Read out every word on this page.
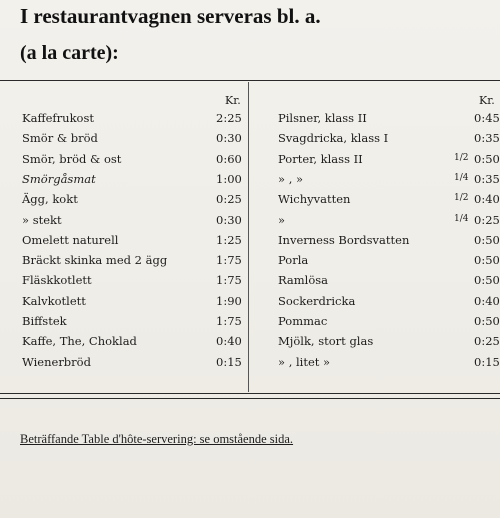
I restaurantvagnen serveras bl. a.
(a la carte):
Kr.	Kr.
Kaffefrukost	2:25
Smör & bröd	0:30
Smör, bröd & ost	0:60
Smörgåsmat	1:00
Ägg, kokt	0:25
» stekt	0:30
Omelett naturell	1:25
Bräckt skinka med 2 ägg	1:75
Fläskkotlett	1:75
Kalvkotlett	1:90
Biffstek	1:75
Kaffe, The, Choklad	0:40
Wienerbröd	0:15
Pilsner, klass II	0:45
Svagdricka, klass I	0:35
Porter, klass II	1/2 0:50
» , »	1/4 0:35
Wichyvatten	1/2 0:40
»	1/4 0:25
Inverness Bordsvatten	0:50
Porla	0:50
Ramlösa	0:50
Sockerdricka	0:40
Pommac	0:50
Mjölk, stort glas	0:25
» , litet »	0:15
Beträffande Table d'hôte-servering: se omstående sida.
